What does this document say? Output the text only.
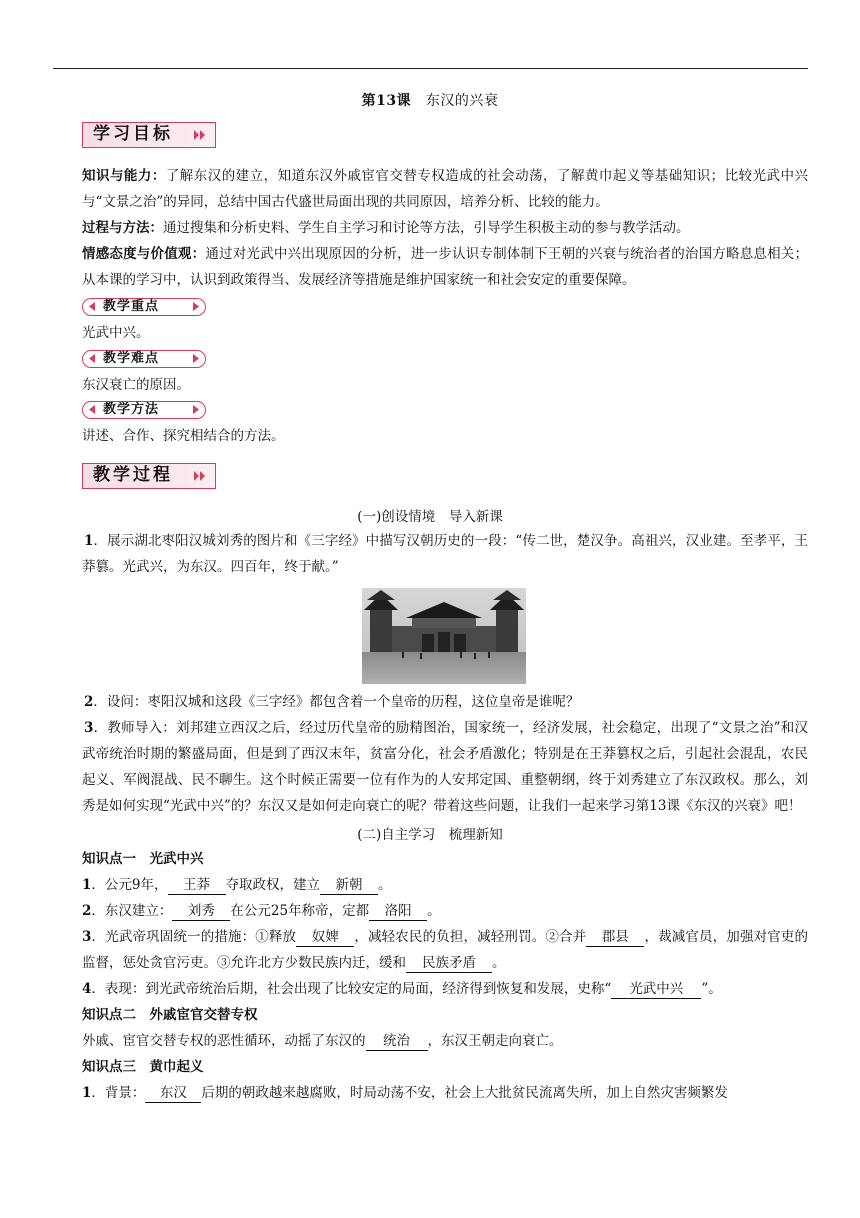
第13课 东汉的兴衰
学习目标
知识与能力：了解东汉的建立，知道东汉外戚宦官交替专权造成的社会动荡，了解黄巾起义等基础知识；比较光武中兴与“文景之治”的异同，总结中国古代盛世局面出现的共同原因，培养分析、比较的能力。
过程与方法：通过搜集和分析史料、学生自主学习和讨论等方法，引导学生积极主动的参与教学活动。
情感态度与价值观：通过对光武中兴出现原因的分析，进一步认识专制体制下王朝的兴衰与统治者的治国方略息息相关；从本课的学习中，认识到政策得当、发展经济等措施是维护国家统一和社会安定的重要保障。
教学重点
光武中兴。
教学难点
东汉衰亡的原因。
教学方法
讲述、合作、探究相结合的方法。
教学过程
(一)创设情境　导入新课
1．展示湖北枣阳汉城刘秀的图片和《三字经》中描写汉朝历史的一段：“传二世，楚汉争。高祖兴，汉业建。至孝平，王莽篡。光武兴，为东汉。四百年，终于献。”
2．设问：枣阳汉城和这段《三字经》都包含着一个皇帝的历程，这位皇帝是谁呢？
3．教师导入：刘邦建立西汉之后，经过历代皇帝的励精图治，国家统一，经济发展，社会稳定，出现了“文景之治”和汉武帝统治时期的繁盛局面，但是到了西汉末年，贫富分化，社会矛盾激化；特别是在王莽篡权之后，引起社会混乱，农民起义、军阀混战、民不聊生。这个时候正需要一位有作为的人安邦定国、重整朝纲，终于刘秀建立了东汉政权。那么，刘秀是如何实现“光武中兴”的？东汉又是如何走向衰亡的呢？带着这些问题，让我们一起来学习第13课《东汉的兴衰》吧！
(二)自主学习　梳理新知
知识点一　光武中兴
1．公元9年， 王莽 夺取政权，建立 新朝 。
2．东汉建立： 刘秀 在公元25年称帝，定都 洛阳 。
3．光武帝巩固统一的措施：①释放 奴婢 ，减轻农民的负担，减轻刑罚。②合并 郡县 ，裁减官员，加强对官吏的监督，惩处贪官污吏。③允许北方少数民族内迁，缓和 民族矛盾 。
4．表现：到光武帝统治后期，社会出现了比较安定的局面，经济得到恢复和发展，史称“ 光武中兴 ”。
知识点二　外戚宦官交替专权
外戚、宦官交替专权的恶性循环，动摇了东汉的 统治 ，东汉王朝走向衰亡。
知识点三　黄巾起义
1．背景： 东汉 后期的朝政越来越腐败，时局动荡不安，社会上大批贫民流离失所，加上自然灾害频繁发
